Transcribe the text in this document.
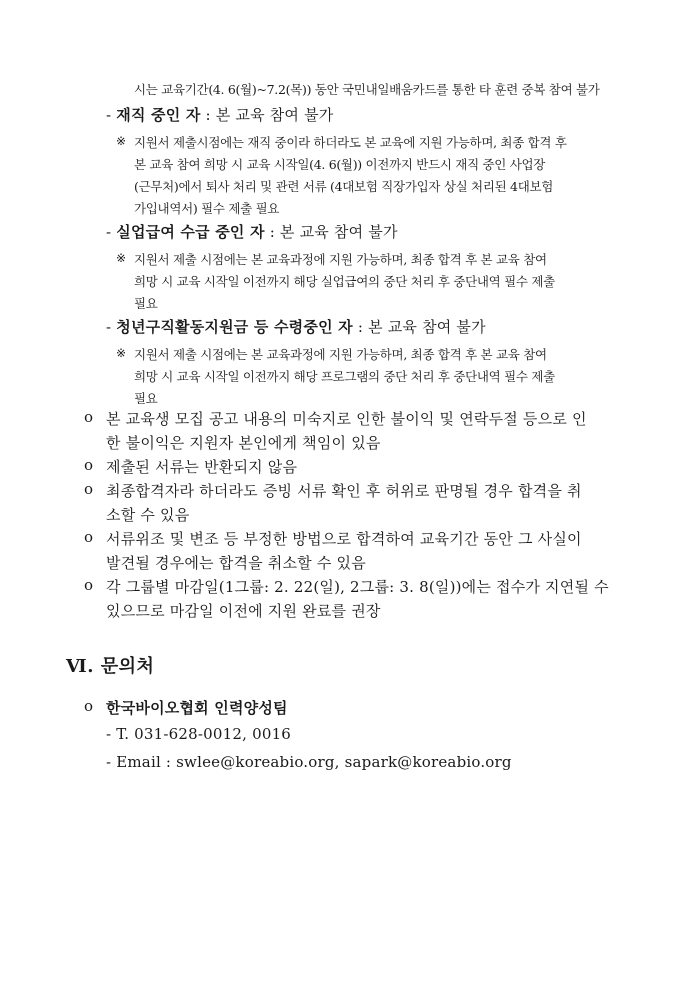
시는 교육기간(4. 6(월)~7.2(목)) 동안 국민내일배움카드를 통한 타 훈련 중복 참여 불가
- 재직 중인 자 : 본 교육 참여 불가
※ 지원서 제출시점에는 재직 중이라 하더라도 본 교육에 지원 가능하며, 최종 합격 후
본 교육 참여 희망 시 교육 시작일(4. 6(월)) 이전까지 반드시 재직 중인 사업장
(근무처)에서 퇴사 처리 및 관련 서류 (4대보험 직장가입자 상실 처리된 4대보험
가입내역서) 필수 제출 필요
- 실업급여 수급 중인 자 : 본 교육 참여 불가
※ 지원서 제출 시점에는 본 교육과정에 지원 가능하며, 최종 합격 후 본 교육 참여
희망 시 교육 시작일 이전까지 해당 실업급여의 중단 처리 후 중단내역 필수 제출
필요
- 청년구직활동지원금 등 수령중인 자 : 본 교육 참여 불가
※ 지원서 제출 시점에는 본 교육과정에 지원 가능하며, 최종 합격 후 본 교육 참여
희망 시 교육 시작일 이전까지 해당 프로그램의 중단 처리 후 중단내역 필수 제출
필요
o 본 교육생 모집 공고 내용의 미숙지로 인한 불이익 및 연락두절 등으로 인
한 불이익은 지원자 본인에게 책임이 있음
o 제출된 서류는 반환되지 않음
o 최종합격자라 하더라도 증빙 서류 확인 후 허위로 판명될 경우 합격을 취
소할 수 있음
o 서류위조 및 변조 등 부정한 방법으로 합격하여 교육기간 동안 그 사실이
발견될 경우에는 합격을 취소할 수 있음
o 각 그룹별 마감일(1그룹: 2. 22(일), 2그룹: 3. 8(일))에는 접수가 지연될 수
있으므로 마감일 이전에 지원 완료를 권장
Ⅵ. 문의처
o 한국바이오협회 인력양성팀
- T. 031-628-0012, 0016
- Email : swlee@koreabio.org, sapark@koreabio.org
